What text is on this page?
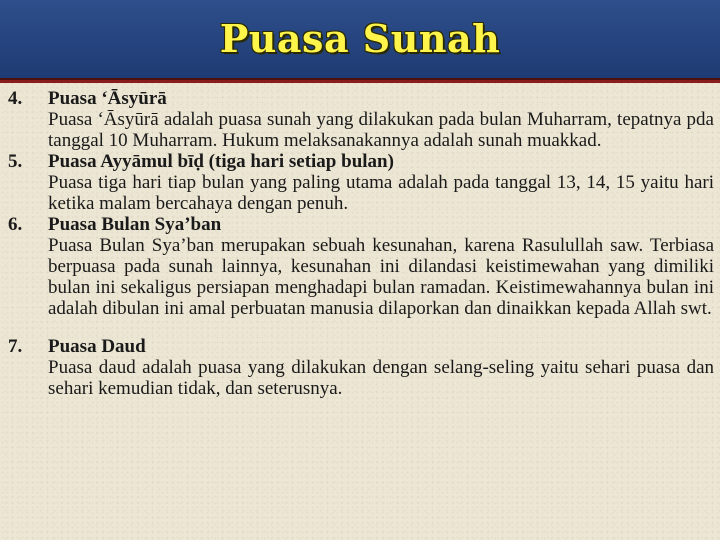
Puasa Sunah
4. Puasa ‘Āsyūrā
Puasa ‘Āsyūrā adalah puasa sunah yang dilakukan pada bulan Muharram, tepatnya pda tanggal 10 Muharram. Hukum melaksanakannya adalah sunah muakkad.
5. Puasa Ayyāmul bīḍ (tiga hari setiap bulan)
Puasa tiga hari tiap bulan yang paling utama adalah pada tanggal 13, 14, 15 yaitu hari ketika malam bercahaya dengan penuh.
6. Puasa Bulan Sya’ban
Puasa Bulan Sya’ban merupakan sebuah kesunahan, karena Rasulullah saw. Terbiasa berpuasa pada sunah lainnya, kesunahan ini dilandasi keistimewahan yang dimiliki bulan ini sekaligus persiapan menghadapi bulan ramadan. Keistimewahannya bulan ini adalah dibulan ini amal perbuatan manusia dilaporkan dan dinaikkan kepada Allah swt.
7. Puasa Daud
Puasa daud adalah puasa yang dilakukan dengan selang-seling yaitu sehari puasa dan sehari kemudian tidak, dan seterusnya.
